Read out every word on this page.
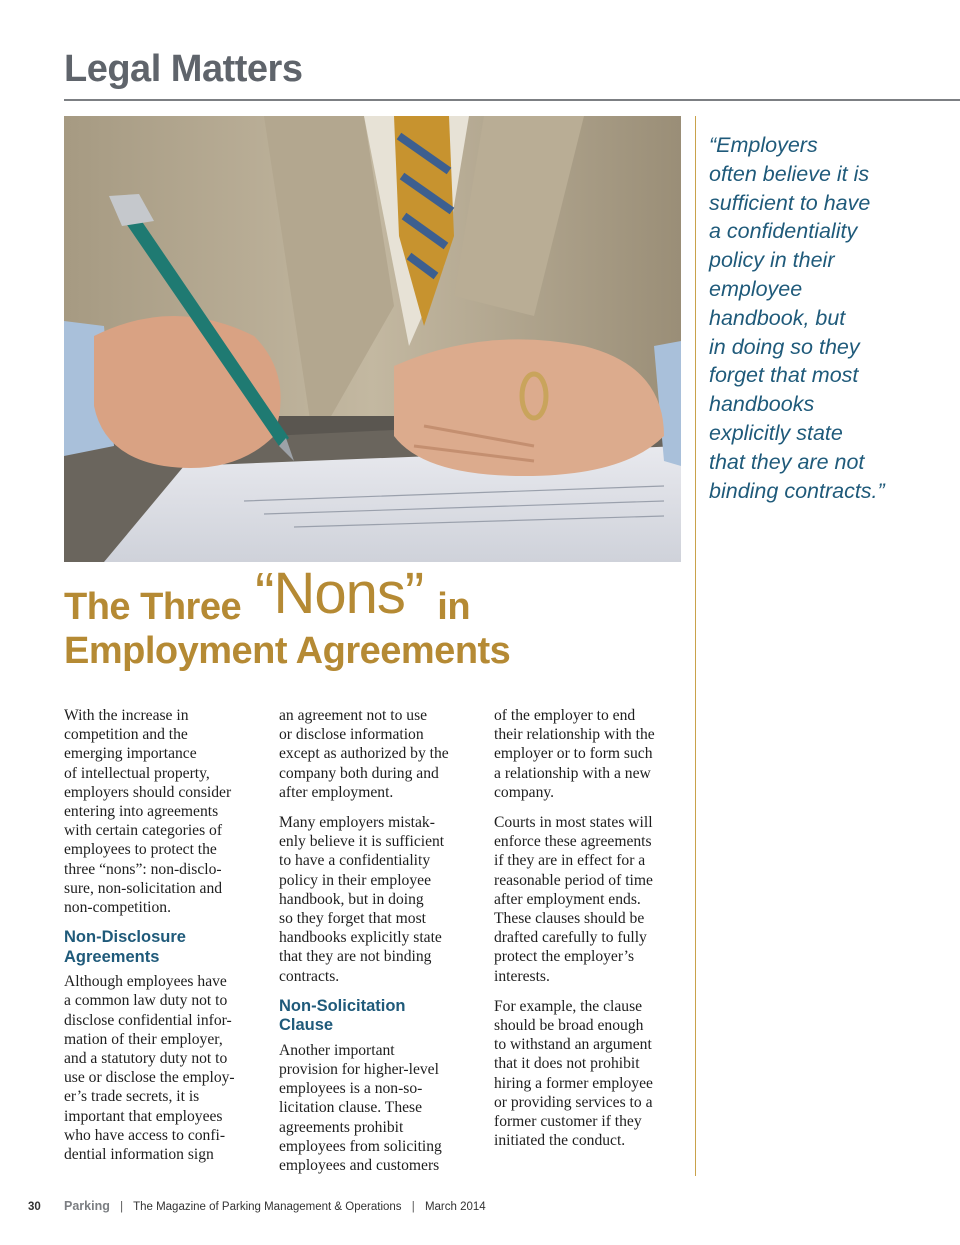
Legal Matters
“Employers
often believe it is
sufficient to have
a confidentiality
policy in their
employee
handbook, but
in doing so they
forget that most
handbooks
explicitly state
that they are not
binding contracts.”
The Three “Nons” in
Employment Agreements
With the increase in
competition and the
emerging importance
of intellectual property,
employers should consider
entering into agreements
with certain categories of
employees to protect the
three “nons”: non-disclo-
sure, non-solicitation and
non-competition.
Non-Disclosure
Agreements
Although employees have
a common law duty not to
disclose confidential infor-
mation of their employer,
and a statutory duty not to
use or disclose the employ-
er’s trade secrets, it is
important that employees
who have access to confi-
dential information sign
an agreement not to use
or disclose information
except as authorized by the
company both during and
after employment.
Many employers mistak-
enly believe it is sufficient
to have a confidentiality
policy in their employee
handbook, but in doing
so they forget that most
handbooks explicitly state
that they are not binding
contracts.
Non-Solicitation
Clause
Another important
provision for higher-level
employees is a non-so-
licitation clause. These
agreements prohibit
employees from soliciting
employees and customers
of the employer to end
their relationship with the
employer or to form such
a relationship with a new
company.
Courts in most states will
enforce these agreements
if they are in effect for a
reasonable period of time
after employment ends.
These clauses should be
drafted carefully to fully
protect the employer’s
interests.
For example, the clause
should be broad enough
to withstand an argument
that it does not prohibit
hiring a former employee
or providing services to a
former customer if they
initiated the conduct.
30 Parking | The Magazine of Parking Management & Operations | March 2014
